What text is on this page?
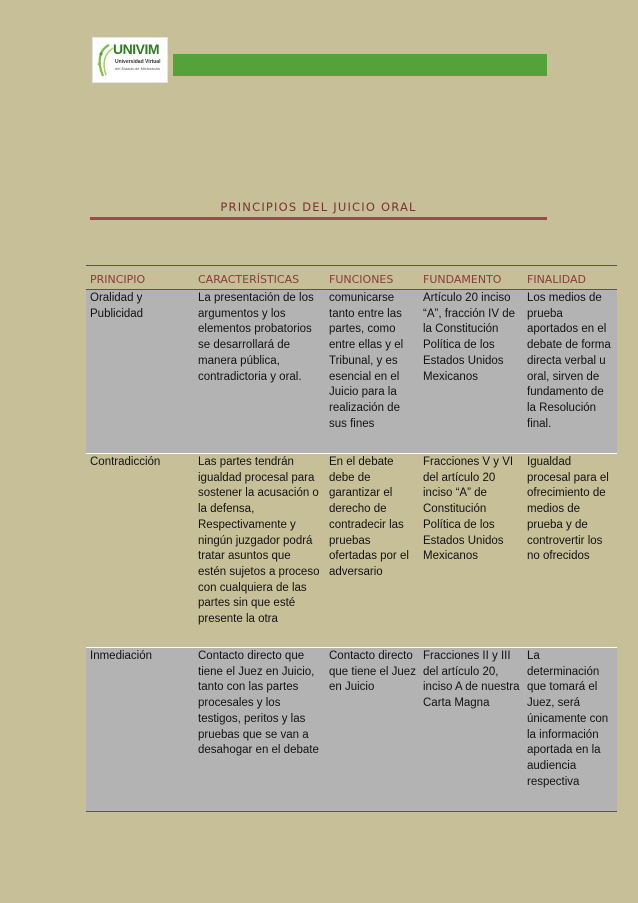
UNIVIM
Universidad Virtual
del Estado de Michoacán
PRINCIPIOS DEL JUICIO ORAL
PRINCIPIO	CARACTERÍSTICAS	FUNCIONES	FUNDAMENTO	FINALIDAD
Oralidad y Publicidad	La presentación de los argumentos y los elementos probatorios se desarrollará de manera pública, contradictoria y oral.	comunicarse tanto entre las partes, como entre ellas y el Tribunal, y es esencial en el Juicio para la realización de sus fines	Artículo 20 inciso “A”, fracción IV de la Constitución Política de los Estados Unidos Mexicanos	Los medios de prueba aportados en el debate de forma directa verbal u oral, sirven de fundamento de la Resolución final.
Contradicción	Las partes tendrán igualdad procesal para sostener la acusación o la defensa, Respectivamente y ningún juzgador podrá tratar asuntos que estén sujetos a proceso con cualquiera de las partes sin que esté presente la otra	En el debate debe de garantizar el derecho de contradecir las pruebas ofertadas por el adversario	Fracciones V y VI del artículo 20 inciso “A” de Constitución Política de los Estados Unidos Mexicanos	Igualdad procesal para el ofrecimiento de medios de prueba y de controvertir los no ofrecidos
Inmediación	Contacto directo que tiene el Juez en Juicio, tanto con las partes procesales y los testigos, peritos y las pruebas que se van a desahogar en el debate	Contacto directo que tiene el Juez en Juicio	Fracciones II y III del artículo 20, inciso A de nuestra Carta Magna	La determinación que tomará el Juez, será únicamente con la información aportada en la audiencia respectiva
